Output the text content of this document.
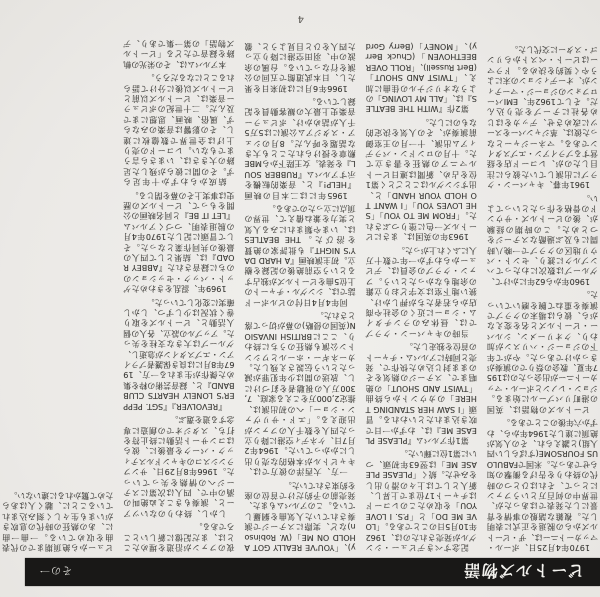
ビートルズ物語
その一

1970年4月25日、ポール・マッカートニーは、ザ・ビートルズからの脱退を正式に表明した。複雑な諸般の事情を背景にした発表ではあったが、世界中の何百万というファンにとって、それはひとつの時代の終わりを告げる衝撃の知らせであった。米国でFABULOUS FOURSOME(すばらしい四人組)と讃えられ、その人気が絶頂に達した1964年から、わずか六年後のことである。

ビートルズの物語は、英国の港町リバプールに始まる。ジョン・レノンとポール・マッカートニーが出会ったのは1957年夏、教会の祭りでの演奏がきっかけであった。やがて年下のジョージ・ハリスンが加わり、クオリーメン、シルバー・ビートルズと名を変えながら、彼らは場末のクラブで演奏を重ねて腕を磨いていった。

1960年から62年にかけて、グループは数次にわたってハンブルクに渡り、セント・パウリ地区のクラブで一晩八時間にも及ぶ過酷なステージをつとめた。この時期の経験が、後のビートルズ・サウンドの骨格を作ったといってよい。

1961年暮、キャバーン・クラブに出演していた彼らに注目したのが、レコード店を経営するブライアン・エプスタインである。マネージャーとなった彼は、革ジャンパーをスーツに改めさせ、デッカをはじめ各社にテープを売り込んだ。そして1962年、EMIパーロフォンのジョージ・マーティンが、オーディションの末にようやく契約を決める。ドラマーはピート・ベストからリンゴ・スターに交代した。

記念すべきデビュー・シングルが発売されたのは、1962年10月5日のことである。「LOVE ME DO」と「P.S. I LOVE YOU」を収めたこのレコードはチャート17位まで上昇し、新人としては上々の滑り出しをみせた。続く「PLEASE PLEASE ME」は翌63年初頭、ついに第1位に輝いた。

第1作アルバム『PLEASE PLEASE ME』は、わずか一日で吹き込まれたといわれる。冒頭「I SAW HER STANDING THERE」のカウントから終曲「TWIST AND SHOUT」の絶唱まで、ステージの熱気をそのまま封じ込めた快作で、発売と同時にアルバム・チャートの首位を独走した。

当時のキャバーン・クラブでは、昼休みのランチタイム・ショーに近くの会社や商店から若者たちが押しかけ、狭い地下室は文字どおり立錐の余地もなかったという。ファン・クラブの会員は、デビューからわずか一年で数十万人にふくれ上がった。

1963年の英国は、まさにビートルズ一色に塗りつぶされた。「FROM ME TO YOU」「SHE LOVES YOU」「I WANT TO HOLD YOUR HAND」と、出すシングルはことごとく第1位を占め、新聞は連日ビートルマニアの熱狂を書き立てた。十月のロンドン・パラディアム出演、十一月の王室御前演奏が、その人気を決定的なものにした。

第2作『WITH THE BEATLES』は、「ALL MY LOVING」のようなオリジナルの佳曲に加え、「TWIST AND SHOUT」(Bert Russell)、「ROLL OVER BEETHOVEN」(Chuck Berry)、「MONEY」(Berry Gordy)、「YOU'VE REALLY GOT A HOLD ON ME」(W. Robinson)など、実際にステージで演奏されていた人気曲を網羅している。このアルバムもまた、発売前の予約だけで首位の座を約束されていた。

一方、大西洋の彼方では、キャピトルが本格的な売り出しにかかっていた。1964年2月7日、ケネディ空港に降り立った四人を数千人のファンが出迎える。「エド・サリヴァン・ショー」への初出演は、推定2,000万をこえる家庭、7,300万人の視聴者を釘づけにし、放送の間は少年犯罪が減ったという伝説さえ残した。カーネギー・ホールとワシントン公演も熱狂のうちに終わり、ここにBRITISH INVASION(英国の侵略)の幕が切って落とされた。

同年4月4日付のビルボード誌では、シングル・チャートの上位5曲をビートルズが独占するという空前絶後の記録を樹立。初主演映画『A HARD DAY'S NIGHT』も批評家の絶賛を浴びた。THE BEATLES は、いまや類まれにみる人気と実力を兼ね備えて、世界の頂点に立ったのである。

1965年には二本目の映画『HELP!』と、音楽的転機を示すアルバム『RUBBER SOUL』を発表。女王陛下からMBE勲章を授けられたことも大きな話題を呼んだ。8月のシェア・スタジアム公演には5万5千人が詰めかけ、ポピュラー音楽史上最大の観客動員を記録している。

1966年6月には初来日を果たし、日本武道館で五回の公演を行なっている。台風の余波の中、羽田空港に降り立った四人をひと目見ようと、徹夜のファンが沿道を埋めたことは、まだ記憶に新しいところである。

しかし、終わりのないツアーと、演奏もきこえぬ絶叫の渦の中で、四人は次第にステージへの情熱を失っていった。1966年8月29日、サンフランシスコのキャンドルスティック・パークを最後に、彼らはコンサート活動に終止符を打ち、スタジオでの創造に専念する道を選ぶ。

『REVOLVER』『SGT. PEPPER'S LONELY HEARTS CLUB BAND』と、録音芸術の粋を集めた傑作が生まれる一方、1967年8月には良き保護者ブライアン・エプスタインが急逝し、グループは大きな支柱を失った。アップルの設立、各人の個人活動と、ビートルズを取り巻く状況は少しずつ、しかし確実に変化していった。

1969年、混乱をきわめたゲット・バック・セッションののちに録音された『ABBEY ROAD』は、結果として四人の最後の共同作業となった。そして冒頭に記した1970年4月の脱退表明、つづくアルバム『LET IT BE』と同名映画の公開をもって、ビートルズの歴史は事実上その幕を閉じる。

結成からわずか十年足らず。その間に彼らが残した足跡の大きさは、いまさら言うまでもない。レコードの売り上げは全世界で数億枚に達し、その影響は音楽のみならず、風俗、映画、思想にまで及んだ。二十世紀のポピュラー音楽は、ビートルズ以前とビートルズ以後に分けて語られることになるだろう。

本アルバムは、その栄光の軌跡を録音でたどる「ビートルズ物語」の第一集であり、デビューから絶頂期までの代表曲を収めている。一曲一曲に、あの熱狂の時代の息吹きがいまも生々しく刻み込まれていることに、聴く人はあらためて驚かれるに違いない。

4
